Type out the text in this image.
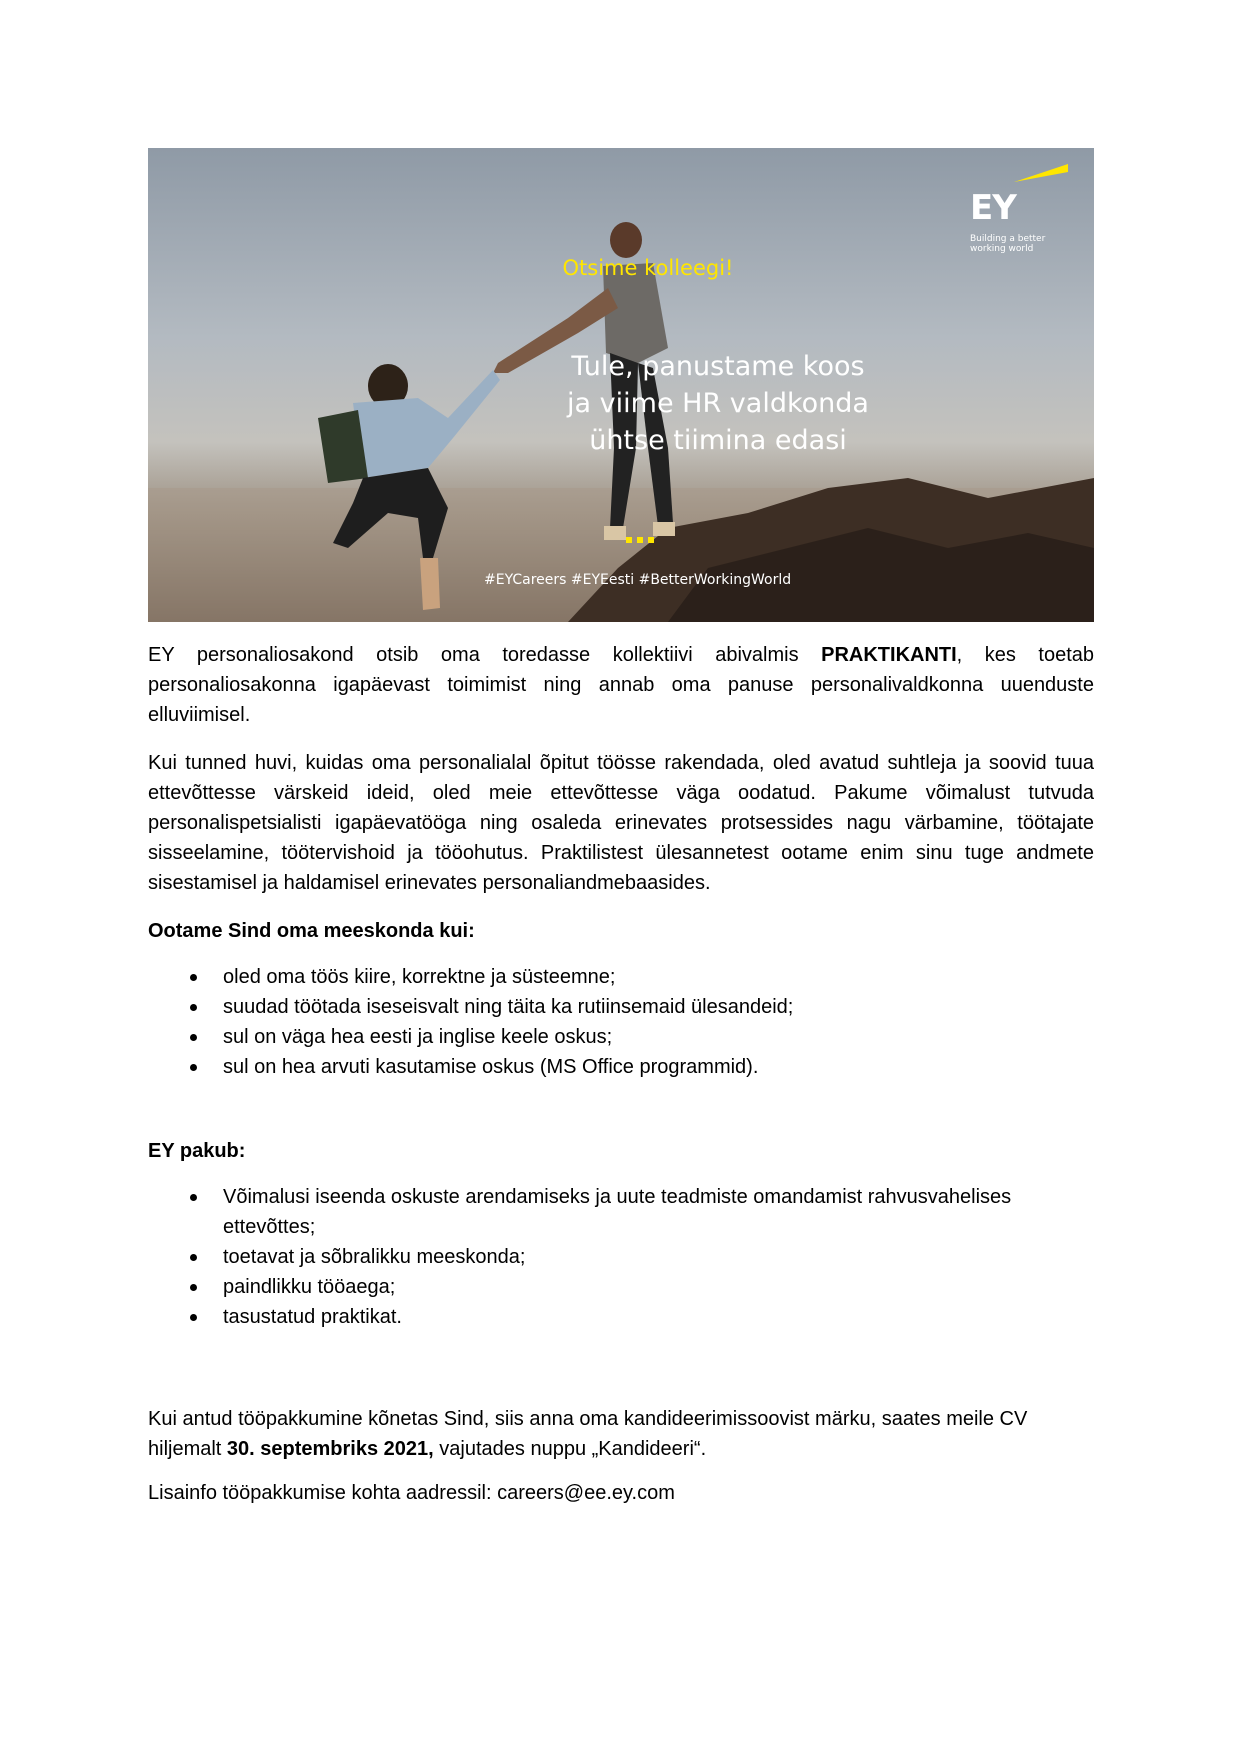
EY
Building a better working world
Otsime kolleegi!
Tule, panustame koos
ja viime HR valdkonda
ühtse tiimina edasi
#EYCareers #EYEesti #BetterWorkingWorld

EY personaliosakond otsib oma toredasse kollektiivi abivalmis PRAKTIKANTI, kes toetab personaliosakonna igapäevast toimimist ning annab oma panuse personalivaldkonna uuenduste elluviimisel.

Kui tunned huvi, kuidas oma personalialal õpitut töösse rakendada, oled avatud suhtleja ja soovid tuua ettevõttesse värskeid ideid, oled meie ettevõttesse väga oodatud. Pakume võimalust tutvuda personalispetsialisti igapäevatööga ning osaleda erinevates protsessides nagu värbamine, töötajate sisseelamine, töötervishoid ja tööohutus. Praktilistest ülesannetest ootame enim sinu tuge andmete sisestamisel ja haldamisel erinevates personaliandmebaasides.

Ootame Sind oma meeskonda kui:
oled oma töös kiire, korrektne ja süsteemne;
suudad töötada iseseisvalt ning täita ka rutiinsemaid ülesandeid;
sul on väga hea eesti ja inglise keele oskus;
sul on hea arvuti kasutamise oskus (MS Office programmid).
EY pakub:
Võimalusi iseenda oskuste arendamiseks ja uute teadmiste omandamist rahvusvahelises ettevõttes;
toetavat ja sõbralikku meeskonda;
paindlikku tööaega;
tasustatud praktikat.

Kui antud tööpakkumine kõnetas Sind, siis anna oma kandideerimissoovist märku, saates meile CV hiljemalt 30. septembriks 2021, vajutades nuppu „Kandideeri“.

Lisainfo tööpakkumise kohta aadressil: careers@ee.ey.com
